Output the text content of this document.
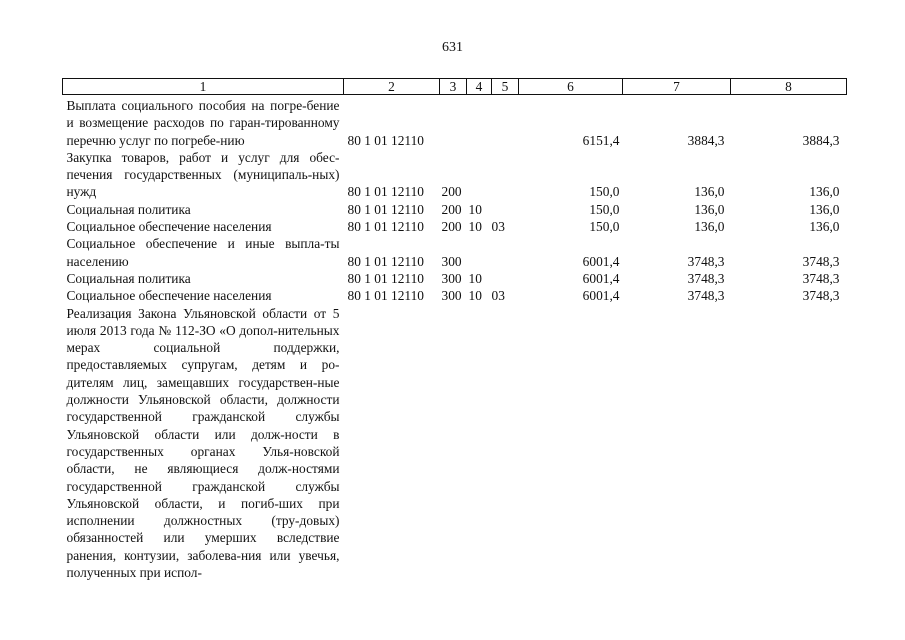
631
1	2	3	4	5	6	7	8
Выплата социального пособия на погре-бение и возмещение расходов по гаран-тированному перечню услуг по погребе-нию	80 1 01 12110				6151,4	3884,3	3884,3
Закупка товаров, работ и услуг для обес-печения государственных (муниципаль-ных) нужд	80 1 01 12110	200			150,0	136,0	136,0
Социальная политика	80 1 01 12110	200	10		150,0	136,0	136,0
Социальное обеспечение населения	80 1 01 12110	200	10	03	150,0	136,0	136,0
Социальное обеспечение и иные выпла-ты населению	80 1 01 12110	300			6001,4	3748,3	3748,3
Социальная политика	80 1 01 12110	300	10		6001,4	3748,3	3748,3
Социальное обеспечение населения	80 1 01 12110	300	10	03	6001,4	3748,3	3748,3
Реализация Закона Ульяновской области от 5 июля 2013 года № 112-ЗО «О допол-нительных мерах социальной поддержки, предоставляемых супругам, детям и ро-дителям лиц, замещавших государствен-ные должности Ульяновской области, должности государственной гражданской службы Ульяновской области или долж-ности в государственных органах Улья-новской области, не являющиеся долж-ностями государственной гражданской службы Ульяновской области, и погиб-ших при исполнении должностных (тру-довых) обязанностей или умерших вследствие ранения, контузии, заболева-ния или увечья, полученных при испол-							
